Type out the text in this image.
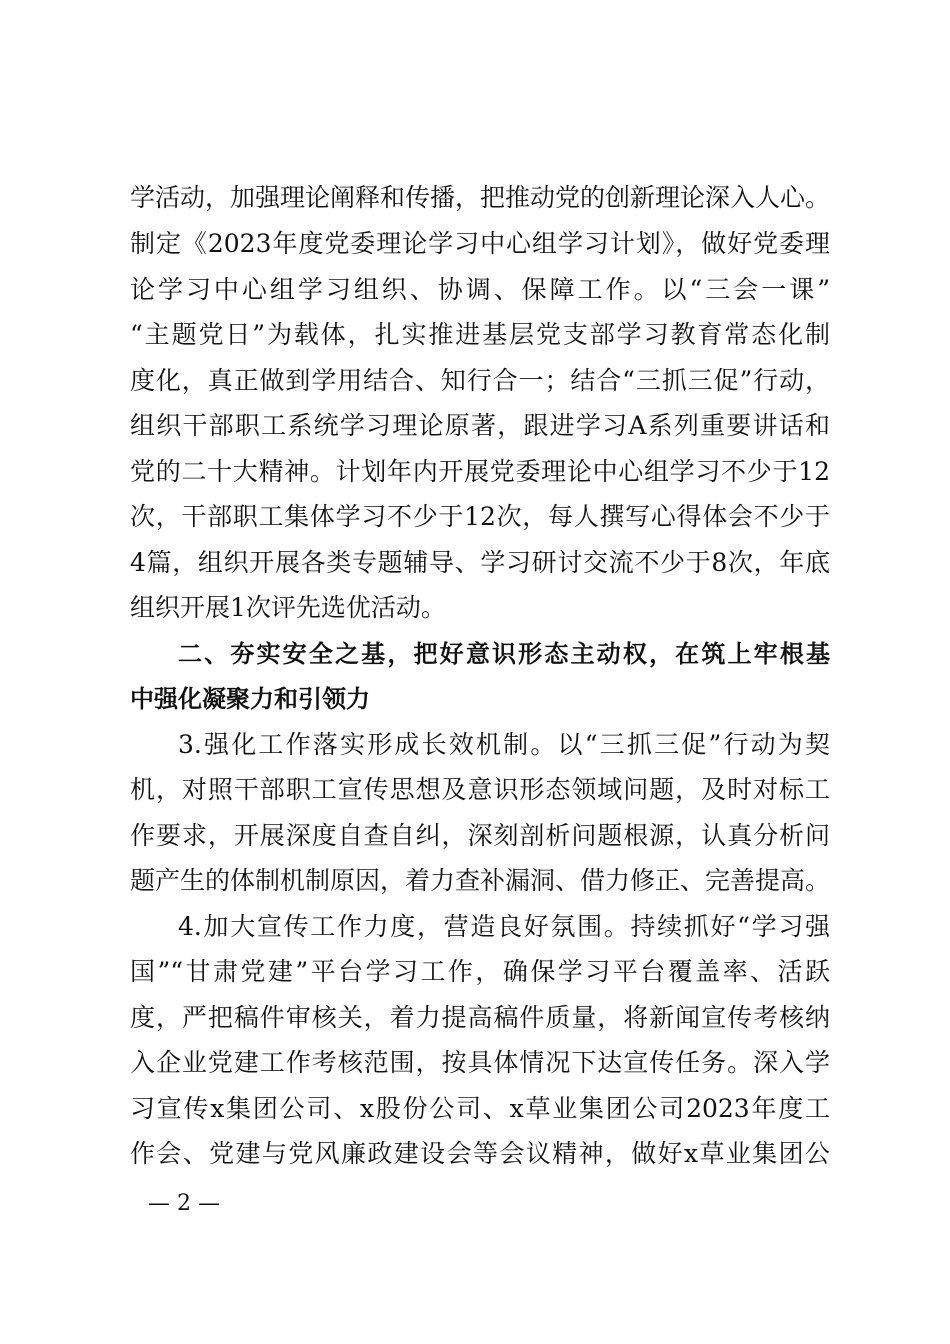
学活动，加强理论阐释和传播，把推动党的创新理论深入人心。
制定《2023年度党委理论学习中心组学习计划》，做好党委理
论学习中心组学习组织、协调、保障工作。以“三会一课”
“主题党日”为载体，扎实推进基层党支部学习教育常态化制
度化，真正做到学用结合、知行合一；结合“三抓三促”行动，
组织干部职工系统学习理论原著，跟进学习A系列重要讲话和
党的二十大精神。计划年内开展党委理论中心组学习不少于12
次，干部职工集体学习不少于12次，每人撰写心得体会不少于
4篇，组织开展各类专题辅导、学习研讨交流不少于8次，年底
组织开展1次评先选优活动。
二、夯实安全之基，把好意识形态主动权，在筑上牢根基
中强化凝聚力和引领力
3.强化工作落实形成长效机制。以“三抓三促”行动为契
机，对照干部职工宣传思想及意识形态领域问题，及时对标工
作要求，开展深度自查自纠，深刻剖析问题根源，认真分析问
题产生的体制机制原因，着力查补漏洞、借力修正、完善提高。
4.加大宣传工作力度，营造良好氛围。持续抓好“学习强
国”“甘肃党建”平台学习工作，确保学习平台覆盖率、活跃
度，严把稿件审核关，着力提高稿件质量，将新闻宣传考核纳
入企业党建工作考核范围，按具体情况下达宣传任务。深入学
习宣传x集团公司、x股份公司、x草业集团公司2023年度工
作会、党建与党风廉政建设会等会议精神，做好x草业集团公
— 2 —
